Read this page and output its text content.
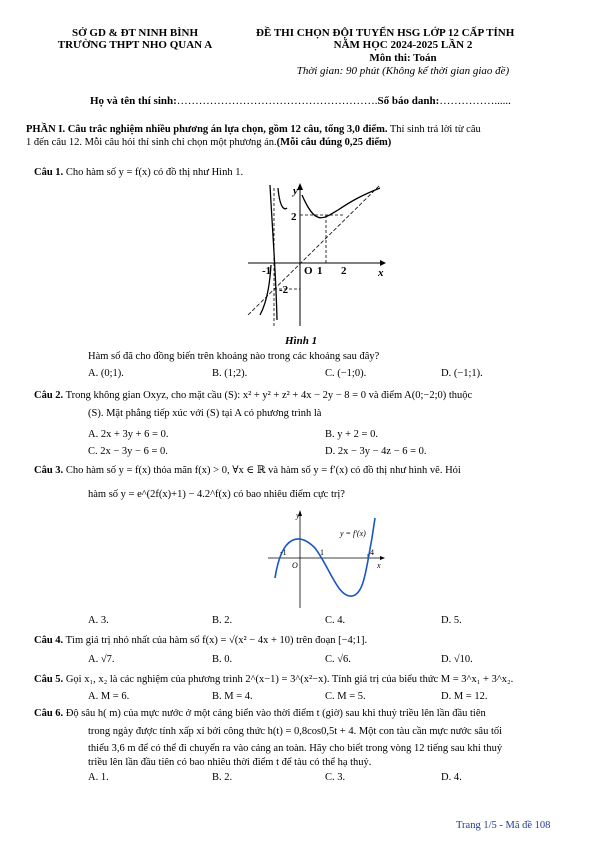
SỞ GD & ĐT NINH BÌNH
TRƯỜNG THPT NHO QUAN A
ĐỀ THI CHỌN ĐỘI TUYỂN HSG LỚP 12 CẤP TỈNH
NĂM HỌC 2024-2025 LẦN 2
Môn thi: Toán
Thời gian: 90 phút (Không kể thời gian giao đề)
Họ và tên thí sinh:……………………………………………….Số báo danh:……………......
PHẦN I. Câu trắc nghiệm nhiều phương án lựa chọn, gồm 12 câu, tổng 3,0 điểm. Thí sinh trả lời từ câu
1 đến câu 12. Mỗi câu hỏi thí sinh chỉ chọn một phương án.(Mỗi câu đúng 0,25 điểm)
Câu 1. Cho hàm số y = f(x) có đồ thị như Hình 1.
y
x
2
-2
-1	O 1 2
Hình 1
Hàm số đã cho đồng biến trên khoảng nào trong các khoảng sau đây?
A. (0;1).	B. (1;2).	C. (−1;0).	D. (−1;1).
Câu 2. Trong không gian Oxyz, cho mặt cầu (S): x² + y² + z² + 4x − 2y − 8 = 0 và điểm A(0;−2;0) thuộc
(S). Mặt phẳng tiếp xúc với (S) tại A có phương trình là
A. 2x + 3y + 6 = 0.	B. y + 2 = 0.
C. 2x − 3y − 6 = 0.	D. 2x − 3y − 4z − 6 = 0.
Câu 3. Cho hàm số y = f(x) thỏa mãn f(x) > 0, ∀x ∈ ℝ và hàm số y = f′(x) có đồ thị như hình vẽ. Hỏi
hàm số y = e^(2f(x)+1) − 4.2^f(x) có bao nhiêu điểm cực trị?
y
x
y = f′(x)
-1
O
1	4
A. 3.	B. 2.	C. 4.	D. 5.
Câu 4. Tìm giá trị nhỏ nhất của hàm số f(x) = √(x² − 4x + 10) trên đoạn [−4;1].
A. √7.	B. 0.	C. √6.	D. √10.
Câu 5. Gọi x₁, x₂ là các nghiệm của phương trình 2^(x−1) = 3^(x²−x). Tính giá trị của biểu thức M = 3^x₁ + 3^x₂.
A. M = 6.	B. M = 4.	C. M = 5.	D. M = 12.
Câu 6. Độ sâu h( m) của mực nước ở một cảng biển vào thời điểm t (giờ) sau khi thuỷ triều lên lần đầu tiên
trong ngày được tính xấp xỉ bởi công thức h(t) = 0,8cos0,5t + 4. Một con tàu cần mực nước sâu tối
thiểu 3,6 m để có thể đi chuyển ra vào cảng an toàn. Hãy cho biết trong vòng 12 tiếng sau khi thuỷ
triều lên lần đầu tiên có bao nhiêu thời điểm t để tàu có thể hạ thuỷ.
A. 1.	B. 2.	C. 3.	D. 4.
Trang 1/5 - Mã đề 108
